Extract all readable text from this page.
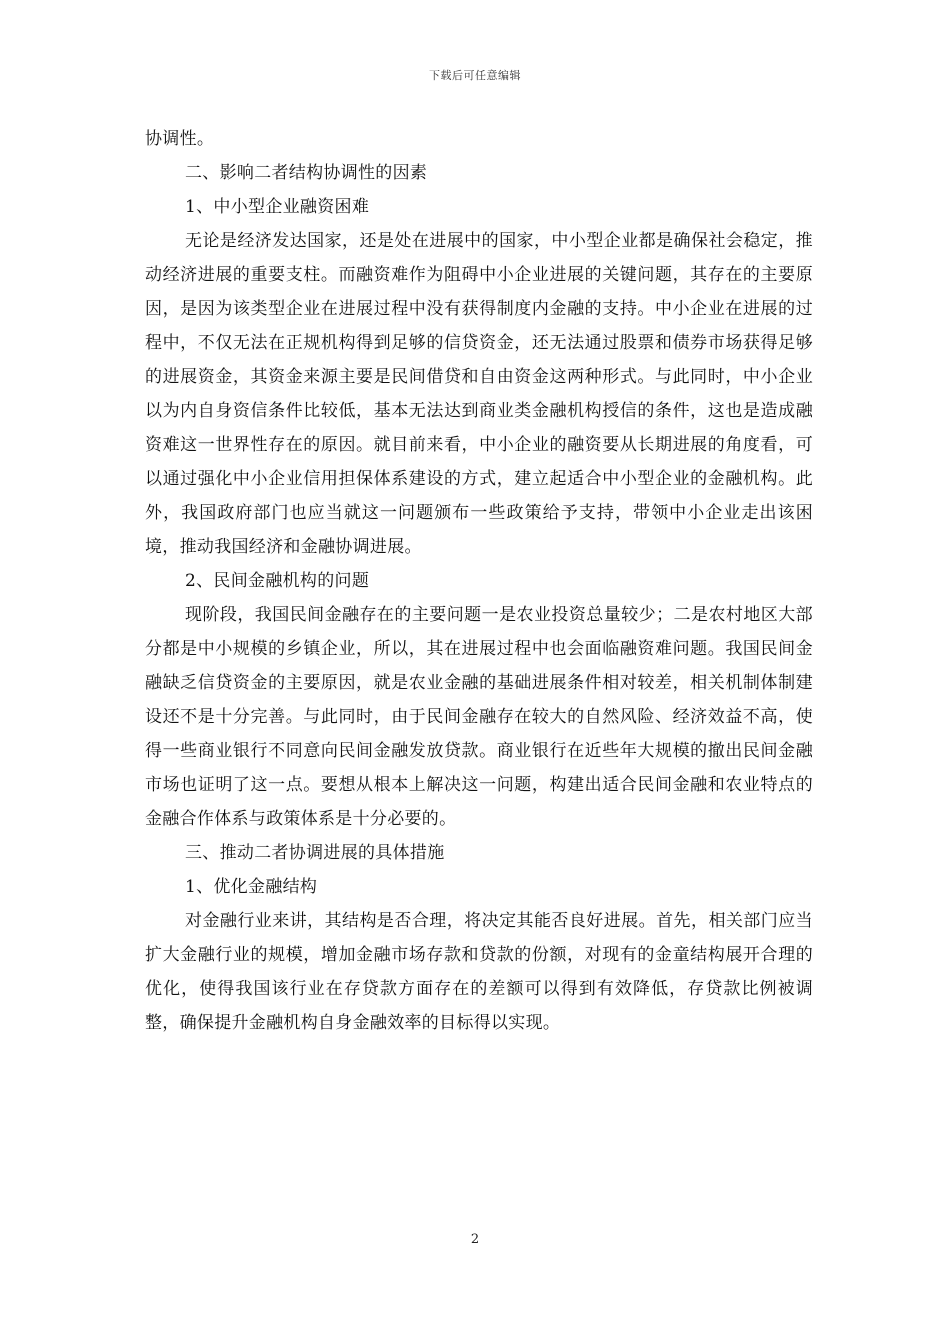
下载后可任意编辑

协调性。

二、影响二者结构协调性的因素

1、中小型企业融资困难

无论是经济发达国家，还是处在进展中的国家，中小型企业都是确保社会稳定，推动经济进展的重要支柱。而融资难作为阻碍中小企业进展的关键问题，其存在的主要原因，是因为该类型企业在进展过程中没有获得制度内金融的支持。中小企业在进展的过程中，不仅无法在正规机构得到足够的信贷资金，还无法通过股票和债券市场获得足够的进展资金，其资金来源主要是民间借贷和自由资金这两种形式。与此同时，中小企业以为内自身资信条件比较低，基本无法达到商业类金融机构授信的条件，这也是造成融资难这一世界性存在的原因。就目前来看，中小企业的融资要从长期进展的角度看，可以通过强化中小企业信用担保体系建设的方式，建立起适合中小型企业的金融机构。此外，我国政府部门也应当就这一问题颁布一些政策给予支持，带领中小企业走出该困境，推动我国经济和金融协调进展。

2、民间金融机构的问题

现阶段，我国民间金融存在的主要问题一是农业投资总量较少；二是农村地区大部分都是中小规模的乡镇企业，所以，其在进展过程中也会面临融资难问题。我国民间金融缺乏信贷资金的主要原因，就是农业金融的基础进展条件相对较差，相关机制体制建设还不是十分完善。与此同时，由于民间金融存在较大的自然风险、经济效益不高，使得一些商业银行不同意向民间金融发放贷款。商业银行在近些年大规模的撤出民间金融市场也证明了这一点。要想从根本上解决这一问题，构建出适合民间金融和农业特点的金融合作体系与政策体系是十分必要的。

三、推动二者协调进展的具体措施

1、优化金融结构

对金融行业来讲，其结构是否合理，将决定其能否良好进展。首先，相关部门应当扩大金融行业的规模，增加金融市场存款和贷款的份额，对现有的金童结构展开合理的优化，使得我国该行业在存贷款方面存在的差额可以得到有效降低，存贷款比例被调整，确保提升金融机构自身金融效率的目标得以实现。

2
